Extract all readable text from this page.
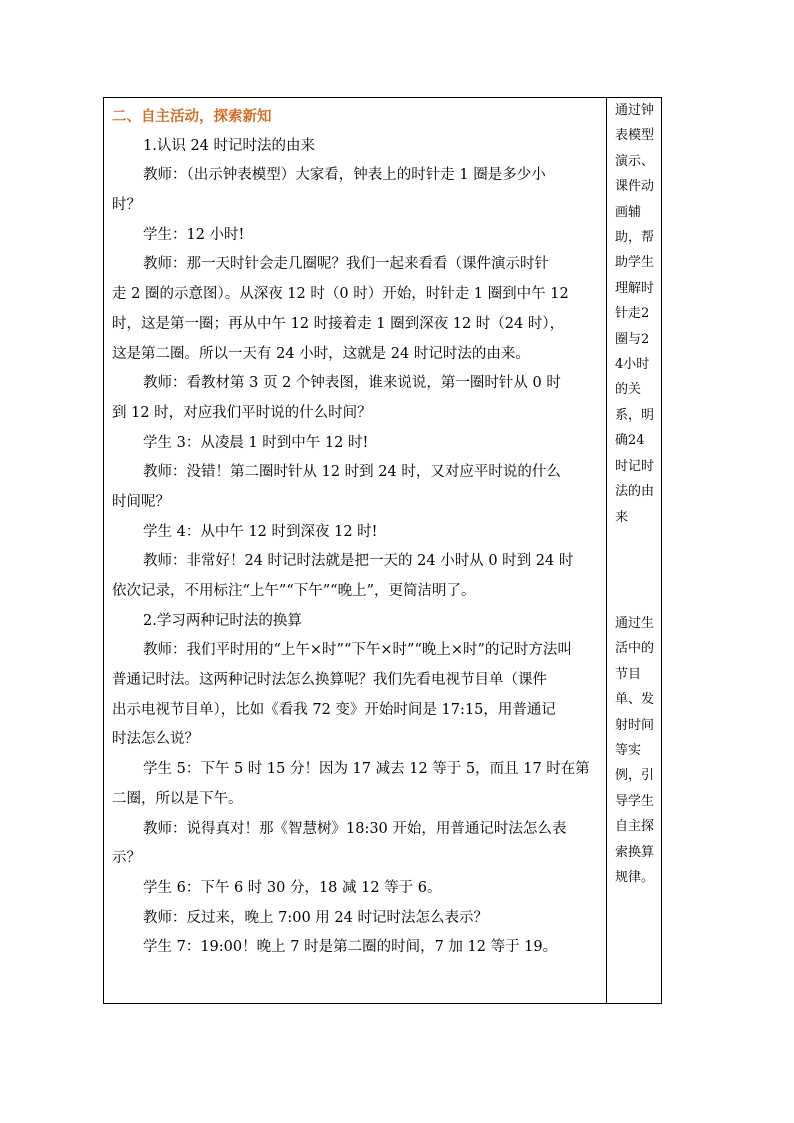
二、自主活动，探索新知
1.认识 24 时记时法的由来
教师：（出示钟表模型）大家看，钟表上的时针走 1 圈是多少小
时？
学生：12 小时!
教师：那一天时针会走几圈呢？我们一起来看看（课件演示时针
走 2 圈的示意图）。从深夜 12 时（0 时）开始，时针走 1 圈到中午 12
时，这是第一圈；再从中午 12 时接着走 1 圈到深夜 12 时（24 时），
这是第二圈。所以一天有 24 小时，这就是 24 时记时法的由来。
教师：看教材第 3 页 2 个钟表图，谁来说说，第一圈时针从 0 时
到 12 时，对应我们平时说的什么时间？
学生 3：从凌晨 1 时到中午 12 时!
教师：没错！第二圈时针从 12 时到 24 时，又对应平时说的什么
时间呢？
学生 4：从中午 12 时到深夜 12 时!
教师：非常好！24 时记时法就是把一天的 24 小时从 0 时到 24 时
依次记录，不用标注“上午”“下午”“晚上”，更简洁明了。
2.学习两种记时法的换算
教师：我们平时用的“上午×时”“下午×时”“晚上×时”的记时方法叫
普通记时法。这两种记时法怎么换算呢？我们先看电视节目单（课件
出示电视节目单），比如《看我 72 变》开始时间是 17:15，用普通记
时法怎么说？
学生 5：下午 5 时 15 分！因为 17 减去 12 等于 5，而且 17 时在第
二圈，所以是下午。
教师：说得真对！那《智慧树》18:30 开始，用普通记时法怎么表
示？
学生 6：下午 6 时 30 分，18 减 12 等于 6。
教师：反过来，晚上 7:00 用 24 时记时法怎么表示？
学生 7：19:00！晚上 7 时是第二圈的时间，7 加 12 等于 19。
通过钟表模型演示、课件动画辅助，帮助学生理解时针走2圈与24小时的关系，明确24时记时法的由来
通过生活中的节目单、发射时间等实例，引导学生自主探索换算规律。
